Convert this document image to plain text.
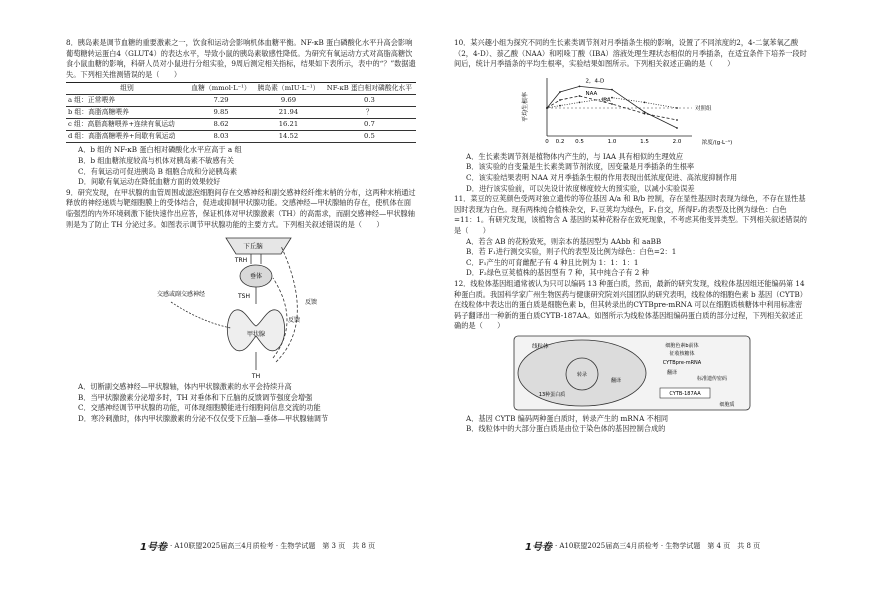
8．胰岛素是调节血糖的重要激素之一，饮食和运动会影响机体血糖平衡。NF-κB 蛋白磷酸化水平升高会影响葡萄糖转运蛋白4（GLUT4）的表达水平，导致小鼠的胰岛素敏感性降低。为研究有氧运动方式对高脂高糖饮食小鼠血糖的影响，科研人员对小鼠进行分组实验，9周后测定相关指标，结果如下表所示，表中的“？”数据遗失。下列相关推测错误的是（　　）

组别	血糖（mmol·L⁻¹）	胰岛素（mIU·L⁻¹）	NF-κB 蛋白相对磷酸化水平
a 组：正常喂养	7.29	9.69	0.3
b 组：高脂高糖喂养	9.85	21.94	？
c 组：高脂高糖喂养+连续有氧运动	8.62	16.21	0.7
d 组：高脂高糖喂养+间歇有氧运动	8.03	14.52	0.5

A．b 组的 NF-κB 蛋白相对磷酸化水平应高于 a 组

B．b 组血糖浓度较高与机体对胰岛素不敏感有关

C．有氧运动可促进胰岛 B 细胞合成和分泌胰岛素

D．间歇有氧运动在降低血糖方面的效果较好

9．研究发现，在甲状腺的血管周围或滤泡细胞间存在交感神经和副交感神经纤维末梢的分布，这两种末梢通过释放的神经递质与靶细胞膜上的受体结合，促进或抑制甲状腺功能。交感神经—甲状腺轴的存在，使机体在面临强烈的内外环境刺激下能快速作出应答，保证机体对甲状腺激素（TH）的高需求，而副交感神经—甲状腺轴则是为了防止 TH 分泌过多。如图表示调节甲状腺功能的主要方式。下列相关叙述错误的是（　　）

下丘脑
TRH
垂体
TSH
甲状腺
TH
交感或副交感神经
反馈
反馈

A．切断副交感神经—甲状腺轴，体内甲状腺激素的水平会持续升高

B．当甲状腺激素分泌增多时，TH 对垂体和下丘脑的反馈调节强度会增强

C．交感神经调节甲状腺的功能，可体现细胞膜能进行细胞间信息交流的功能

D．寒冷刺激时，体内甲状腺激素的分泌不仅仅受下丘脑—垂体—甲状腺轴调节

1号卷 · A10联盟2025届高三4月质检考 · 生物学试题　第 3 页　共 8 页

10．某兴趣小组为探究不同的生长素类调节剂对月季插条生根的影响，设置了不同浓度的2，4-二氯苯氧乙酸（2，4-D）、萘乙酸（NAA）和吲哚丁酸（IBA）溶液处理生理状态相似的月季插条，在适宜条件下培养一段时间后，统计月季插条的平均生根率，实验结果如图所示。下列相关叙述正确的是（　　）

平均生根率	对照组
浓度/(g·L⁻¹)
0 0.2 0.5	1.0	1.5	2.0
2，4-D
NAA
IBA

A．生长素类调节剂是植物体内产生的，与 IAA 具有相似的生理效应

B．该实验的自变量是生长素类调节剂浓度，因变量是月季插条的生根率

C．该实验结果表明 NAA 对月季插条生根的作用表现出低浓度促进、高浓度抑制作用

D．进行该实验前，可以先设计浓度梯度较大的预实验，以减小实验误差

11．菜豆的豆荚颜色受两对独立遗传的等位基因 A/a 和 B/b 控制，存在显性基因时表现为绿色，不存在显性基因时表现为白色。现有两株纯合植株杂交，F₁豆荚均为绿色，F₁自交，所得F₂的表型及比例为绿色：白色=11：1。有研究发现，该植物含 A 基因的某种花粉存在致死现象，不考虑其他变异类型。下列相关叙述错误的是（　　）

A．若含 AB 的花粉致死，则亲本的基因型为 AAbb 和 aaBB

B．若 F₁进行测交实验，则子代的表型及比例为绿色：白色=2：1

C．F₁产生的可育雌配子有 4 种且比例为 1：1：1：1

D．F₂绿色豆荚植株的基因型有 7 种，其中纯合子有 2 种

12．线粒体基因组通常被认为只可以编码 13 种蛋白质，然而，最新的研究发现，线粒体基因组还能编码第 14 种蛋白质。我国科学家广州生物医药与健康研究院刘兴国团队的研究表明，线粒体的细胞色素 b 基因（CYTB）在线粒体中表达出的蛋白质是细胞色素 b，但其转录出的CYTBpre-mRNA 可以在细胞质核糖体中利用标准密码子翻译出一种新的蛋白质CYTB-187AA。如图所示为线粒体基因组编码蛋白质的部分过程，下列相关叙述正确的是（　　）

线粒体
转录
13种蛋白质
翻译
细胞色素b前体
征收核糖体
CYTBpre-mRNA
翻译
标准遗传密码
CYTB-187AA
细胞质

A．基因 CYTB 编码两种蛋白质时，转录产生的 mRNA 不相同

B．线粒体中的大部分蛋白质是由位于染色体的基因控制合成的

1号卷 · A10联盟2025届高三4月质检考 · 生物学试题　第 4 页　共 8 页
